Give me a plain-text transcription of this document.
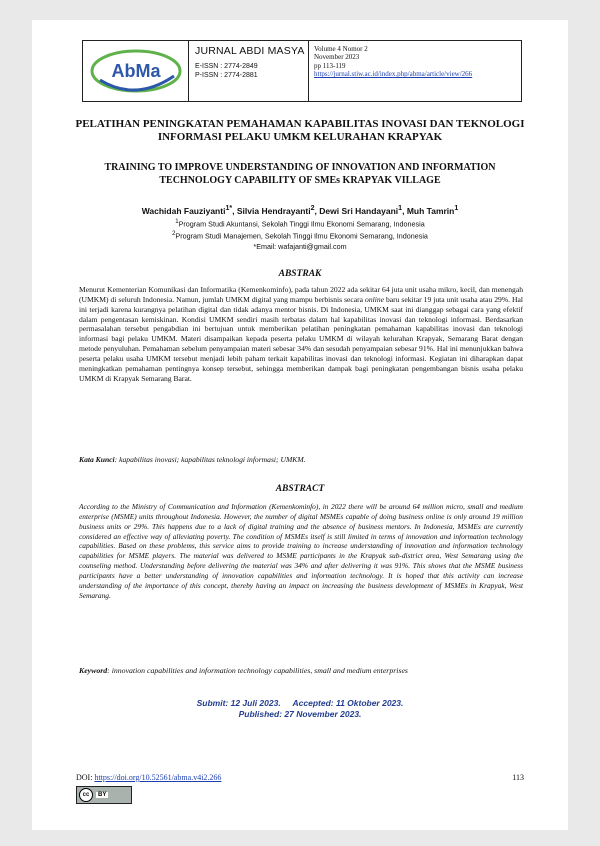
AbMa
JURNAL ABDI MASYA
E-ISSN : 2774-2849
P-ISSN : 2774-2881
Volume 4 Nomor 2
November 2023
pp 113-119
https://jurnal.stiw.ac.id/index.php/abma/article/view/266
PELATIHAN PENINGKATAN PEMAHAMAN KAPABILITAS INOVASI DAN TEKNOLOGI INFORMASI PELAKU UMKM KELURAHAN KRAPYAK
TRAINING TO IMPROVE UNDERSTANDING OF INNOVATION AND INFORMATION TECHNOLOGY CAPABILITY OF SMEs KRAPYAK VILLAGE
Wachidah Fauziyanti$^{1*}$, Silvia Hendrayanti$^2$, Dewi Sri Handayani$^1$, Muh Tamrin$^1$
$^1$Program Studi Akuntansi, Sekolah Tinggi Ilmu Ekonomi Semarang, Indonesia
$^2$Program Studi Manajemen, Sekolah Tinggi Ilmu Ekonomi Semarang, Indonesia
*Email: wafajanti@gmail.com
ABSTRAK
Menurut Kementerian Komunikasi dan Informatika (Kemenkominfo), pada tahun 2022 ada sekitar 64 juta unit usaha mikro, kecil, dan menengah (UMKM) di seluruh Indonesia. Namun, jumlah UMKM digital yang mampu berbisnis secara online baru sekitar 19 juta unit usaha atau 29%. Hal ini terjadi karena kurangnya pelatihan digital dan tidak adanya mentor bisnis. Di Indonesia, UMKM saat ini dianggap sebagai cara yang efektif dalam pengentasan kemiskinan. Kondisi UMKM sendiri masih terbatas dalam hal kapabilitas inovasi dan teknologi informasi. Berdasarkan permasalahan tersebut pengabdian ini bertujuan untuk memberikan pelatihan peningkatan pemahaman kapabilitas inovasi dan teknologi informasi bagi pelaku UMKM. Materi disampaikan kepada peserta pelaku UMKM di wilayah kelurahan Krapyak, Semarang Barat dengan metode penyuluhan. Pemahaman sebelum penyampaian materi sebesar 34% dan sesudah penyampaian sebesar 91%. Hal ini menunjukkan bahwa peserta pelaku usaha UMKM tersebut menjadi lebih paham terkait kapabilitas inovasi dan teknologi informasi. Kegiatan ini diharapkan dapat meningkatkan pemahaman pentingnya konsep tersebut, sehingga memberikan dampak bagi peningkatan pengembangan bisnis usaha pelaku UMKM di Krapyak Semarang Barat.
Kata Kunci: kapabilitas inovasi; kapabilitas teknologi informasi; UMKM.
ABSTRACT
According to the Ministry of Communication and Information (Kemenkominfo), in 2022 there will be around 64 million micro, small and medium enterprise (MSME) units throughout Indonesia. However, the number of digital MSMEs capable of doing business online is only around 19 million business units or 29%. This happens due to a lack of digital training and the absence of business mentors. In Indonesia, MSMEs are currently considered an effective way of alleviating poverty. The condition of MSMEs itself is still limited in terms of innovation and information technology capabilities. Based on these problems, this service aims to provide training to increase understanding of innovation and information technology capabilities for MSME players. The material was delivered to MSME participants in the Krapyak sub-district area, West Semarang using the counseling method. Understanding before delivering the material was 34% and after delivering it was 91%. This shows that the MSME business participants have a better understanding of innovation capabilities and information technology. It is hoped that this activity can increase understanding of the importance of this concept, thereby having an impact on increasing the business development of MSMEs in Krapyak, West Semarang.
Keyword: innovation capabilities and information technology capabilities, small and medium enterprises
Submit: 12 Juli 2023. Accepted: 11 Oktober 2023.
Published: 27 November 2023.
DOI: https://doi.org/10.52561/abma.v4i2.266	113
cc	BY
